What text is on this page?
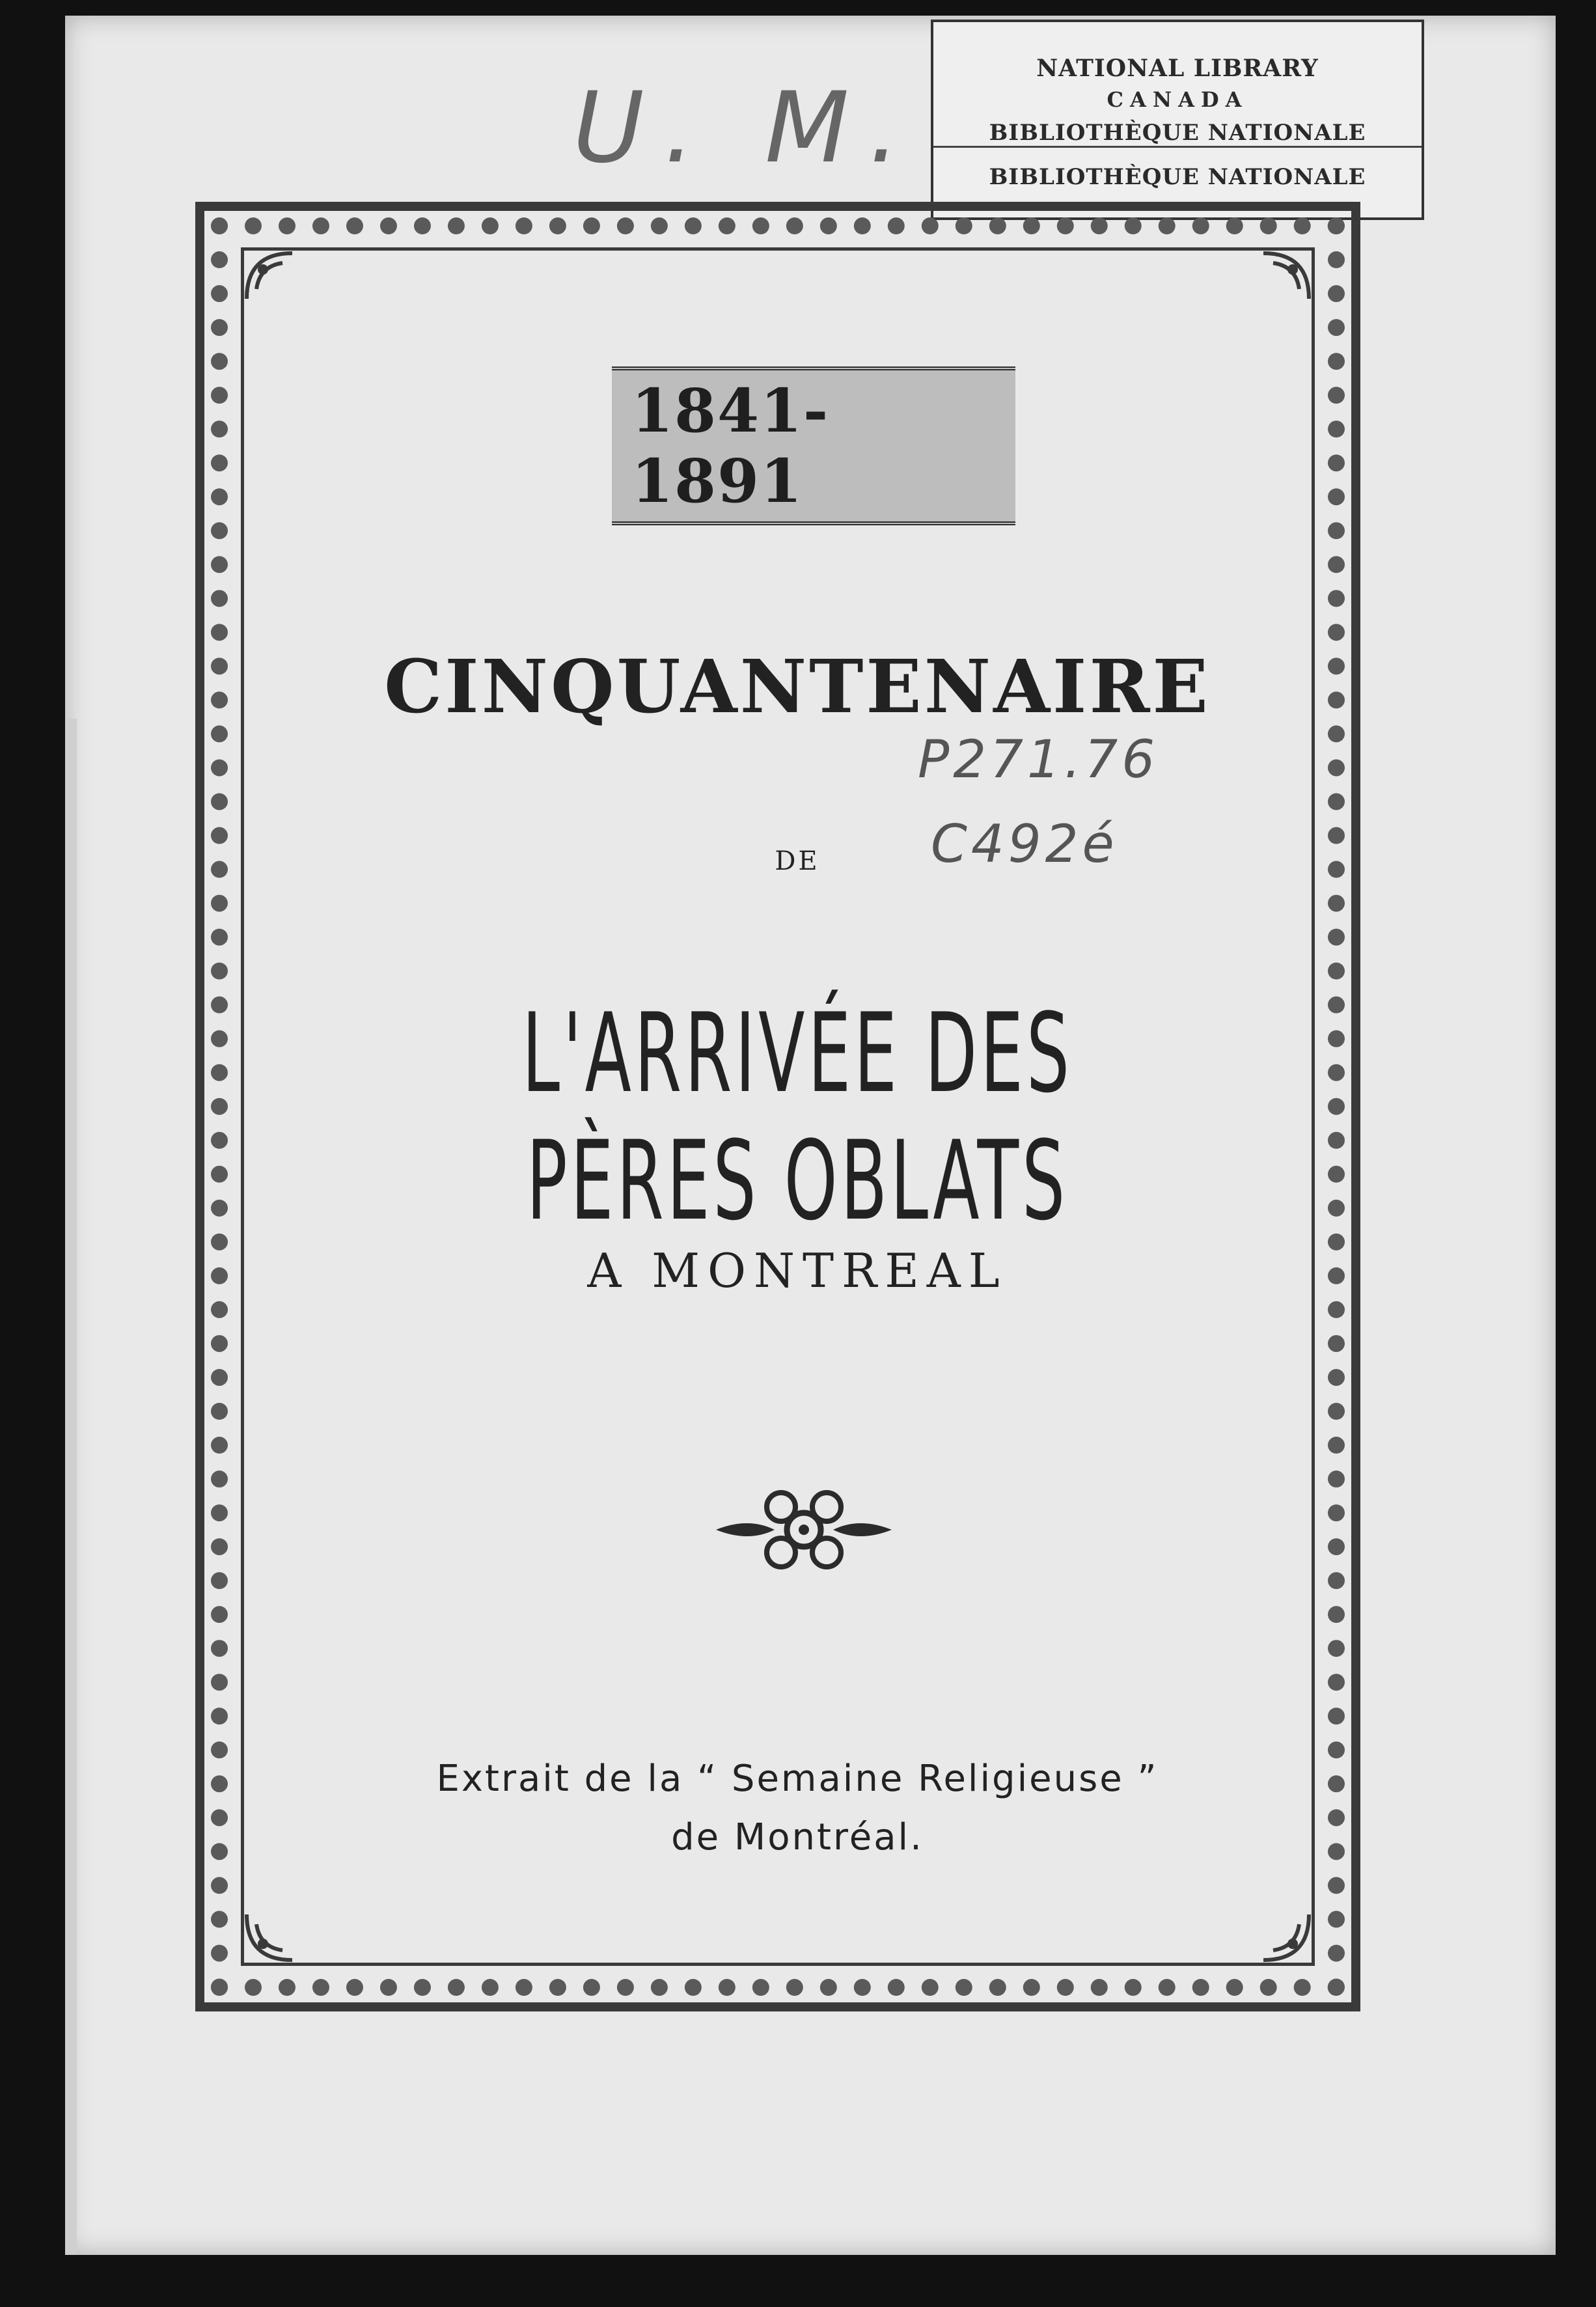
NATIONAL LIBRARY
CANADA
BIBLIOTHÈQUE NATIONALE
BIBLIOTHÈQUE NATIONALE
U. M.
P271.76
C492é
1841-1891
CINQUANTENAIRE
DE
L'ARRIVÉE DES PÈRES OBLATS
A MONTREAL
Extrait de la “ Semaine Religieuse ”
de Montréal.
